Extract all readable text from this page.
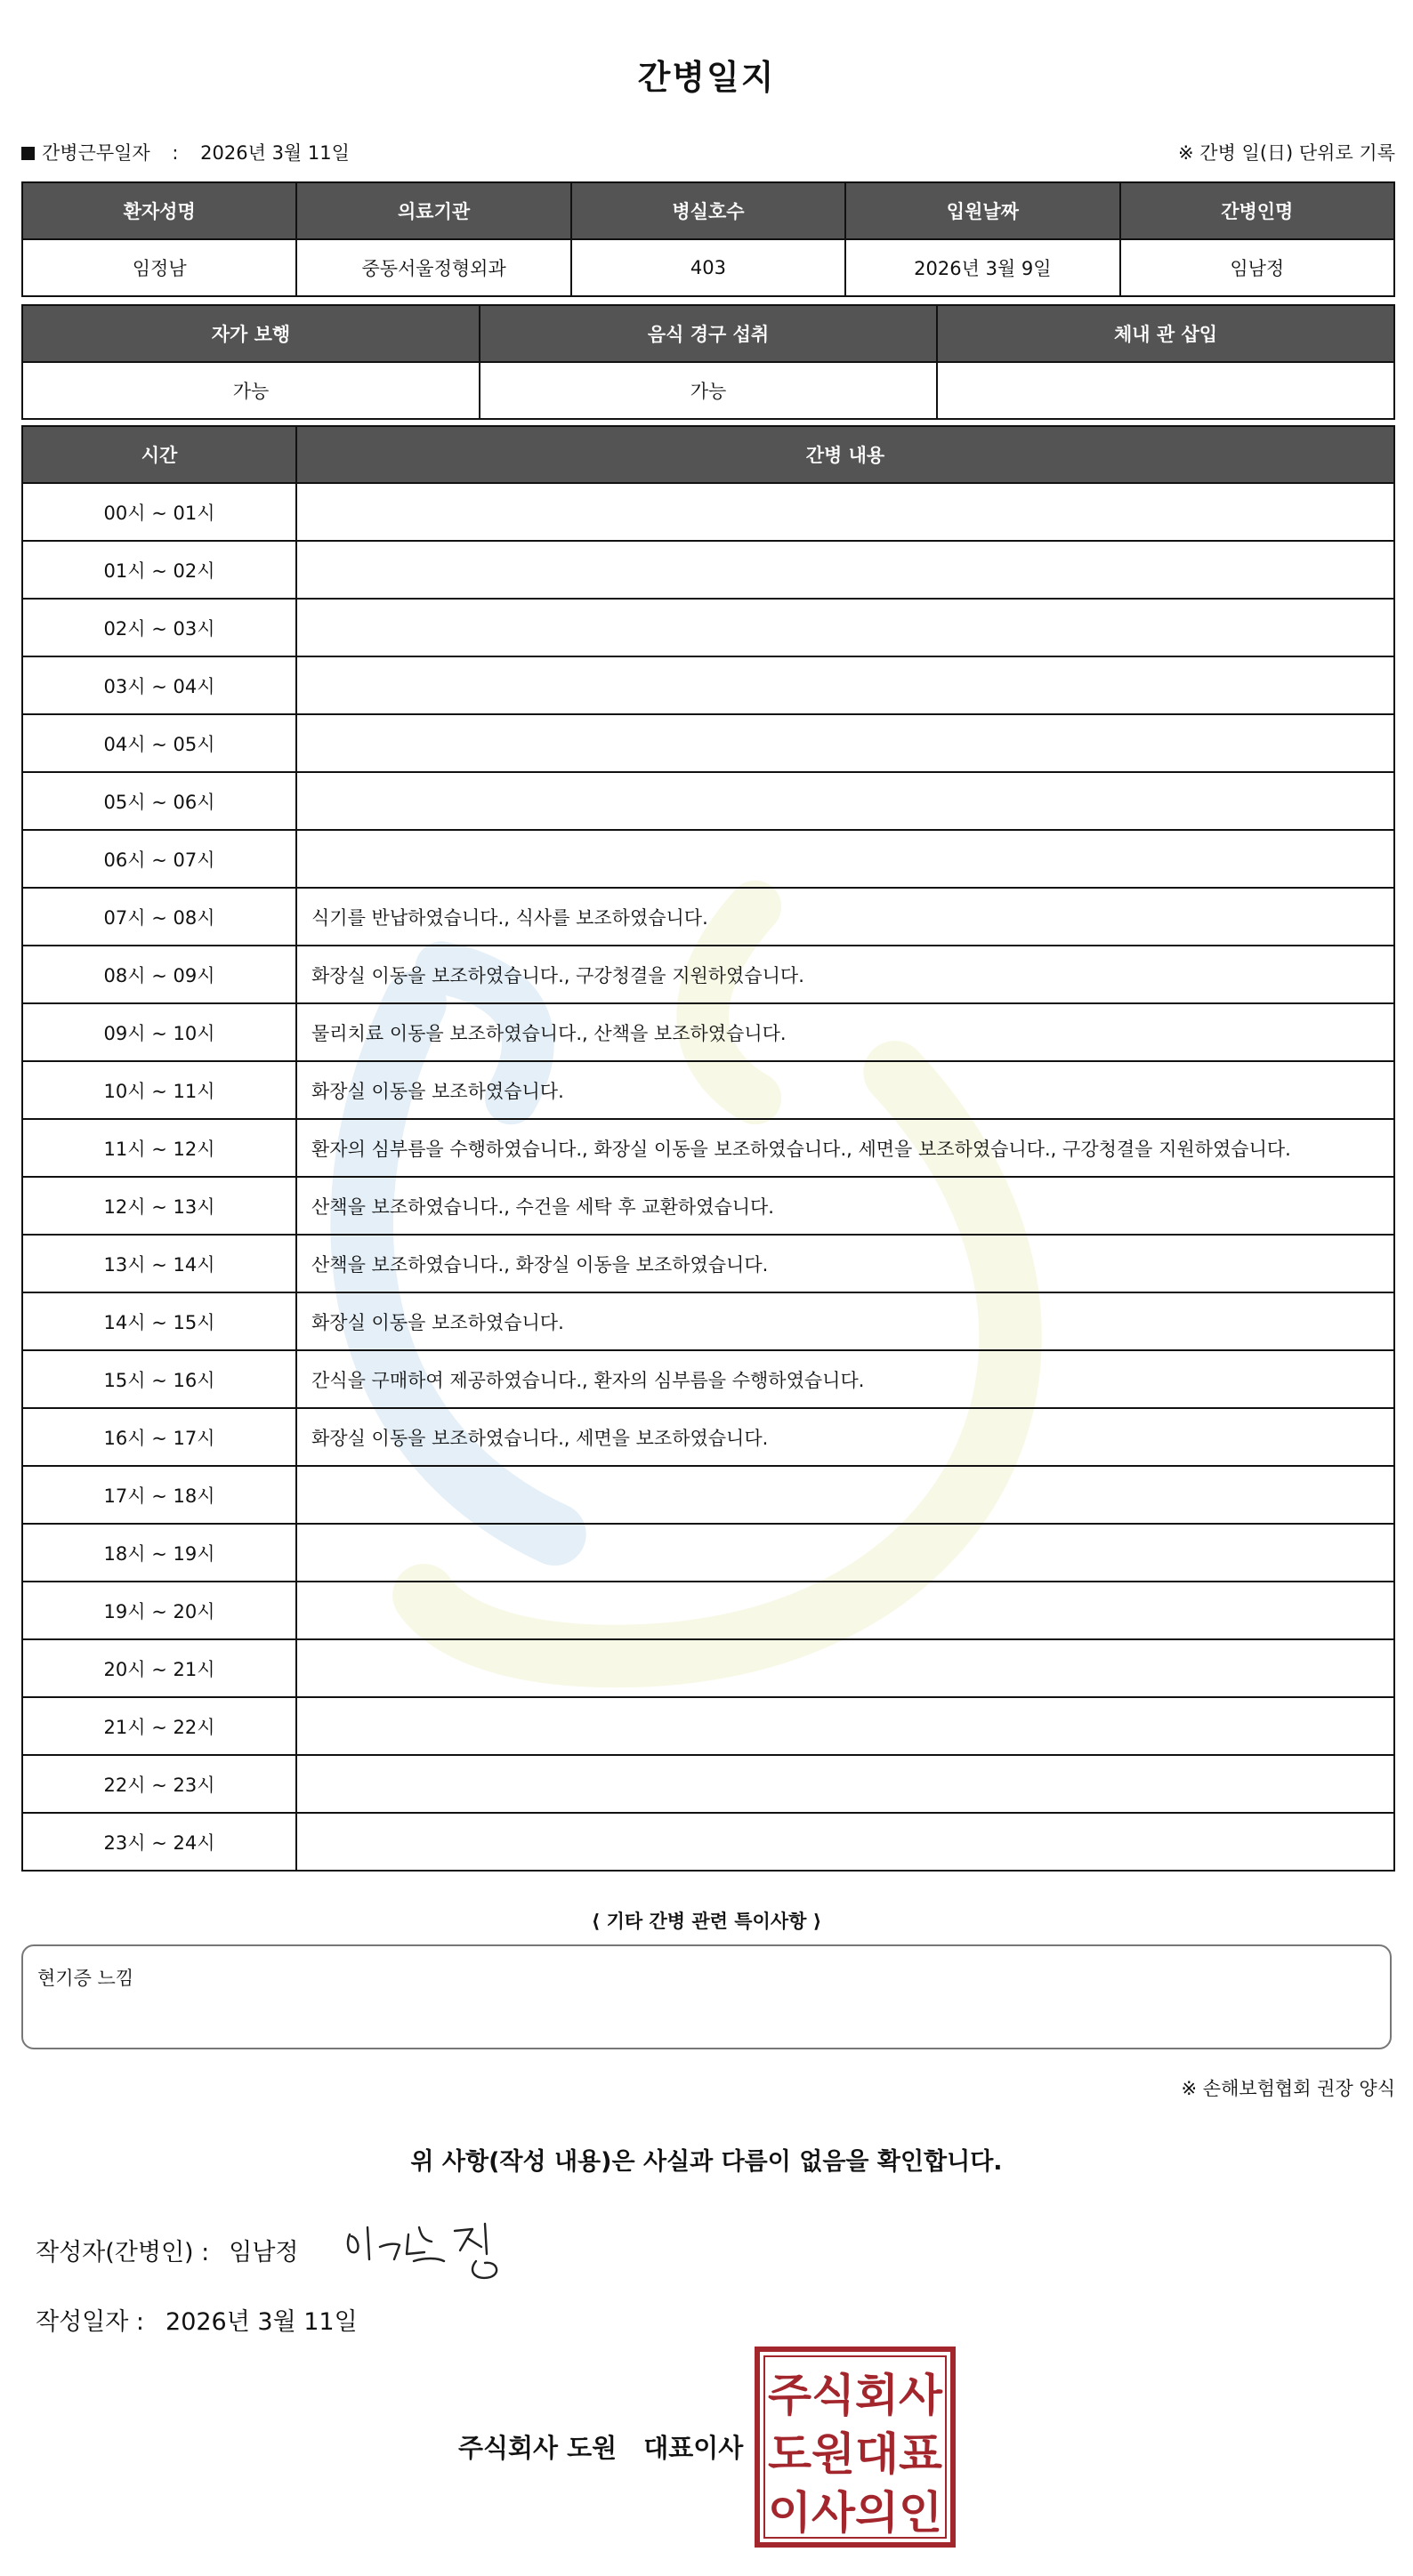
간병일지
간병근무일자 : 2026년 3월 11일	※ 간병 일(日) 단위로 기록
환자성명	의료기관	병실호수	입원날짜	간병인명
임정남	중동서울정형외과	403	2026년 3월 9일	임남정
자가 보행	음식 경구 섭취	체내 관 삽입
가능	가능	
시간	간병 내용
00시 ~ 01시	
01시 ~ 02시	
02시 ~ 03시	
03시 ~ 04시	
04시 ~ 05시	
05시 ~ 06시	
06시 ~ 07시	
07시 ~ 08시	식기를 반납하였습니다., 식사를 보조하였습니다.
08시 ~ 09시	화장실 이동을 보조하였습니다., 구강청결을 지원하였습니다.
09시 ~ 10시	물리치료 이동을 보조하였습니다., 산책을 보조하였습니다.
10시 ~ 11시	화장실 이동을 보조하였습니다.
11시 ~ 12시	환자의 심부름을 수행하였습니다., 화장실 이동을 보조하였습니다., 세면을 보조하였습니다., 구강청결을 지원하였습니다.
12시 ~ 13시	산책을 보조하였습니다., 수건을 세탁 후 교환하였습니다.
13시 ~ 14시	산책을 보조하였습니다., 화장실 이동을 보조하였습니다.
14시 ~ 15시	화장실 이동을 보조하였습니다.
15시 ~ 16시	간식을 구매하여 제공하였습니다., 환자의 심부름을 수행하였습니다.
16시 ~ 17시	화장실 이동을 보조하였습니다., 세면을 보조하였습니다.
17시 ~ 18시	
18시 ~ 19시	
19시 ~ 20시	
20시 ~ 21시	
21시 ~ 22시	
22시 ~ 23시	
23시 ~ 24시	
⟨ 기타 간병 관련 특이사항 ⟩
현기증 느낌
※ 손해보험협회 권장 양식
위 사항(작성 내용)은 사실과 다름이 없음을 확인합니다.
작성자(간병인) : 임남정
작성일자 : 2026년 3월 11일
주식회사 도원 대표이사
주식회사
도원대표
이사의인
